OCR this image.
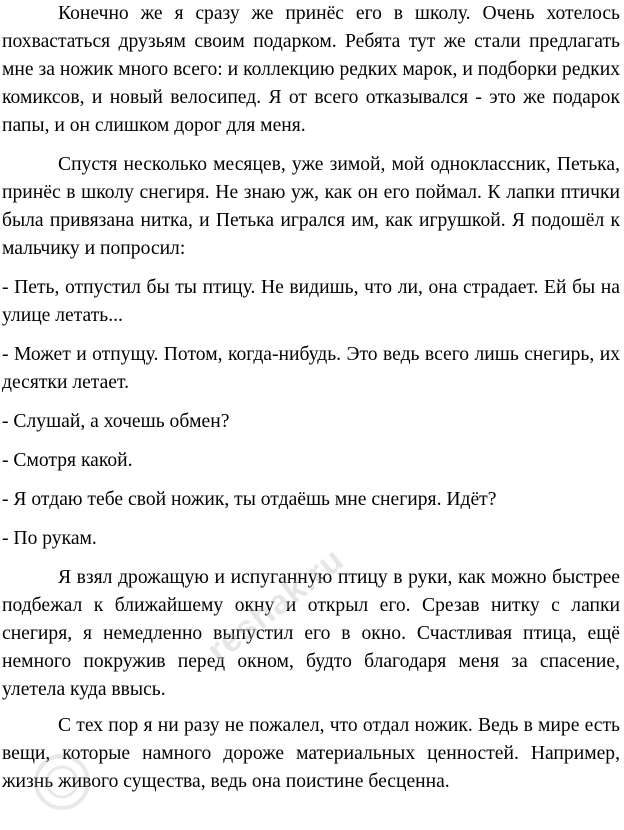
Конечно же я сразу же принёс его в школу. Очень хотелось похвастаться друзьям своим подарком. Ребята тут же стали предлагать мне за ножик много всего: и коллекцию редких марок, и подборки редких комиксов, и новый велосипед. Я от всего отказывался - это же подарок папы, и он слишком дорог для меня.

Спустя несколько месяцев, уже зимой, мой одноклассник, Петька, принёс в школу снегиря. Не знаю уж, как он его поймал. К лапки птички была привязана нитка, и Петька игрался им, как игрушкой. Я подошёл к мальчику и попросил:

- Петь, отпустил бы ты птицу. Не видишь, что ли, она страдает. Ей бы на улице летать...

- Может и отпущу. Потом, когда-нибудь. Это ведь всего лишь снегирь, их десятки летает.

- Слушай, а хочешь обмен?

- Смотря какой.

- Я отдаю тебе свой ножик, ты отдаёшь мне снегиря. Идёт?

- По рукам.

Я взял дрожащую и испуганную птицу в руки, как можно быстрее подбежал к ближайшему окну и открыл его. Срезав нитку с лапки снегиря, я немедленно выпустил его в окно. Счастливая птица, ещё немного покружив перед окном, будто благодаря меня за спасение, улетела куда ввысь.

С тех пор я ни разу не пожалел, что отдал ножик. Ведь в мире есть вещи, которые намного дороже материальных ценностей. Например, жизнь живого существа, ведь она поистине бесценна.

reshak.ru
